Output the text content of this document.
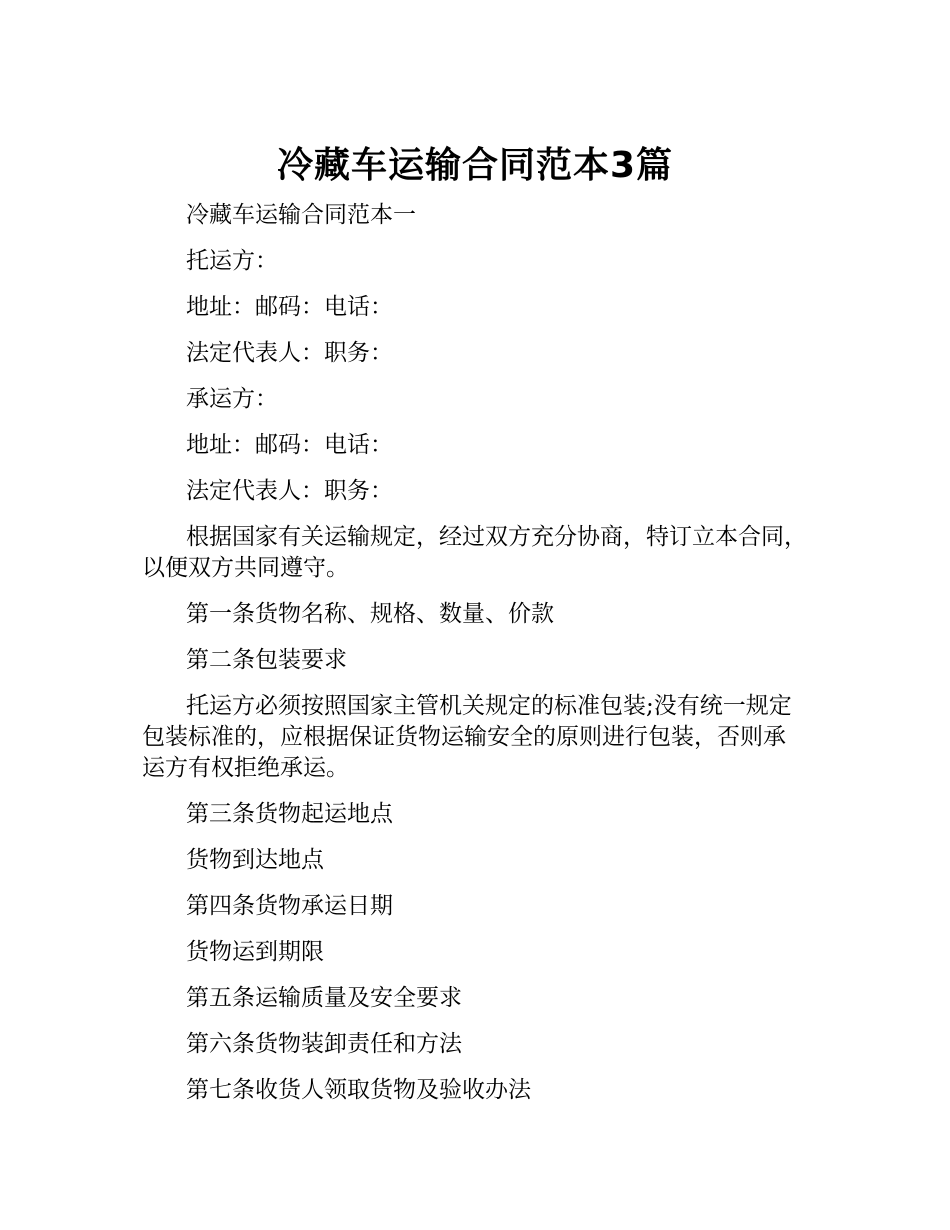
冷藏车运输合同范本3篇

冷藏车运输合同范本一

托运方：

地址：邮码：电话：

法定代表人：职务：

承运方：

地址：邮码：电话：

法定代表人：职务：

根据国家有关运输规定，经过双方充分协商，特订立本合同，以便双方共同遵守。

第一条货物名称、规格、数量、价款

第二条包装要求

托运方必须按照国家主管机关规定的标准包装;没有统一规定包装标准的，应根据保证货物运输安全的原则进行包装，否则承运方有权拒绝承运。

第三条货物起运地点

货物到达地点

第四条货物承运日期

货物运到期限

第五条运输质量及安全要求

第六条货物装卸责任和方法

第七条收货人领取货物及验收办法
